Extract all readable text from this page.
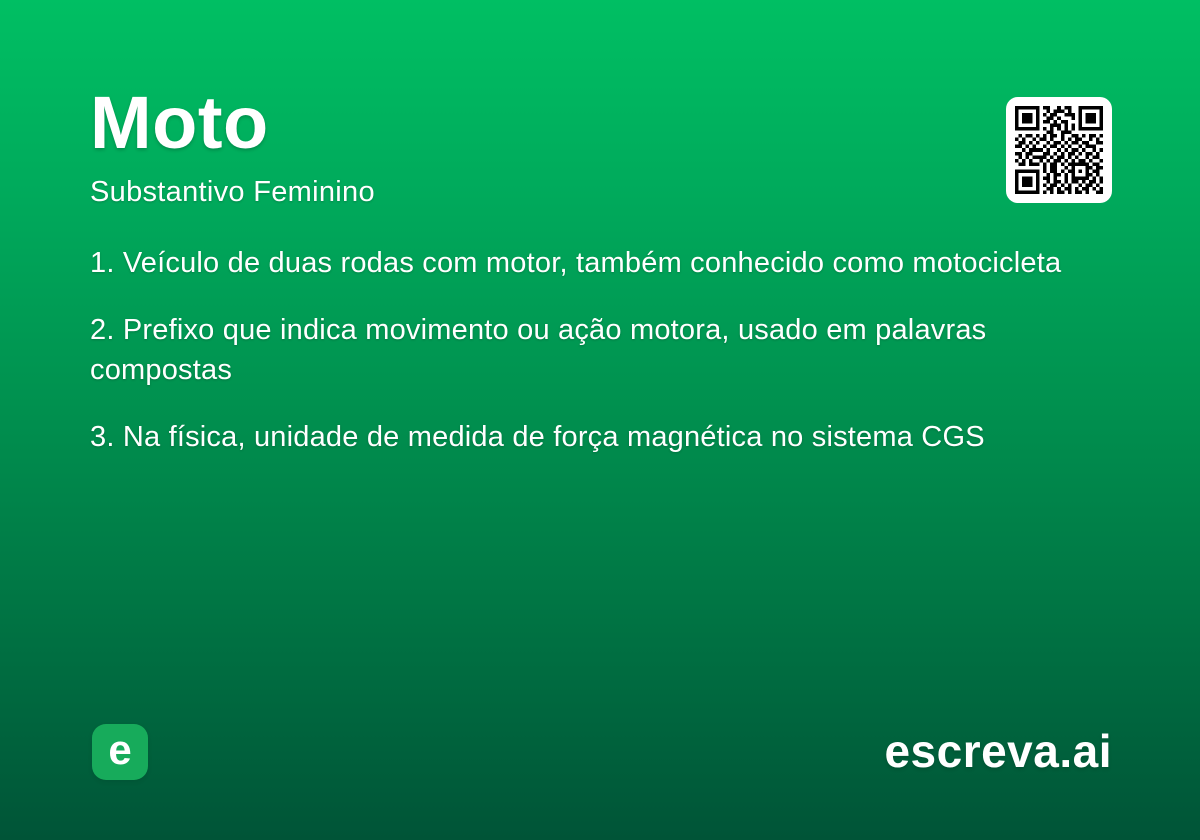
Moto
Substantivo Feminino

1. Veículo de duas rodas com motor, também conhecido como motocicleta

2. Prefixo que indica movimento ou ação motora, usado em palavras compostas

3. Na física, unidade de medida de força magnética no sistema CGS

e	escreva.ai
